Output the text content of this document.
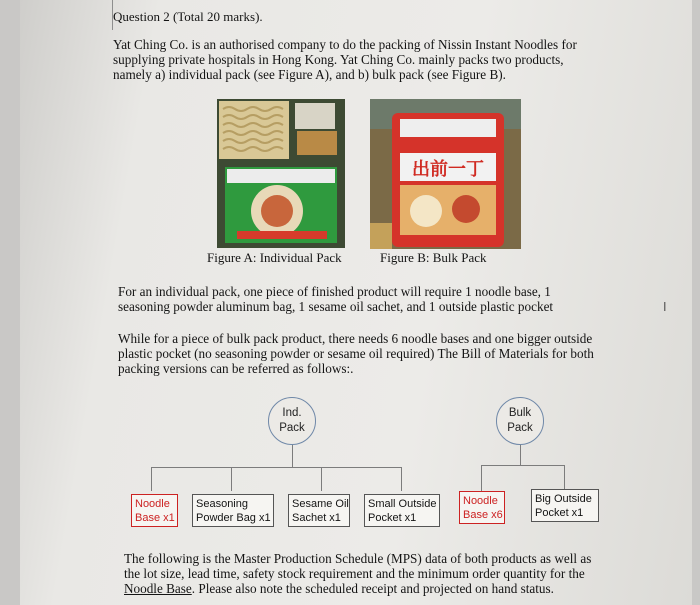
Question 2 (Total 20 marks).
Yat Ching Co. is an authorised company to do the packing of Nissin Instant Noodles for
supplying private hospitals in Hong Kong. Yat Ching Co. mainly packs two products,
namely a) individual pack (see Figure A), and b) bulk pack (see Figure B).
出前一丁
Figure A: Individual Pack	Figure B: Bulk Pack
For an individual pack, one piece of finished product will require 1 noodle base, 1
seasoning powder aluminum bag, 1 sesame oil sachet, and 1 outside plastic pocket
While for a piece of bulk pack product, there needs 6 noodle bases and one bigger outside
plastic pocket (no seasoning powder or sesame oil required) The Bill of Materials for both
packing versions can be referred as follows:.
I
Ind.
Pack
Bulk
Pack
Noodle
Base x1
Seasoning
Powder Bag x1
Sesame Oil
Sachet x1
Small Outside
Pocket x1
Noodle
Base x6
Big Outside
Pocket x1
The following is the Master Production Schedule (MPS) data of both products as well as
the lot size, lead time, safety stock requirement and the minimum order quantity for the
Noodle Base. Please also note the scheduled receipt and projected on hand status.
